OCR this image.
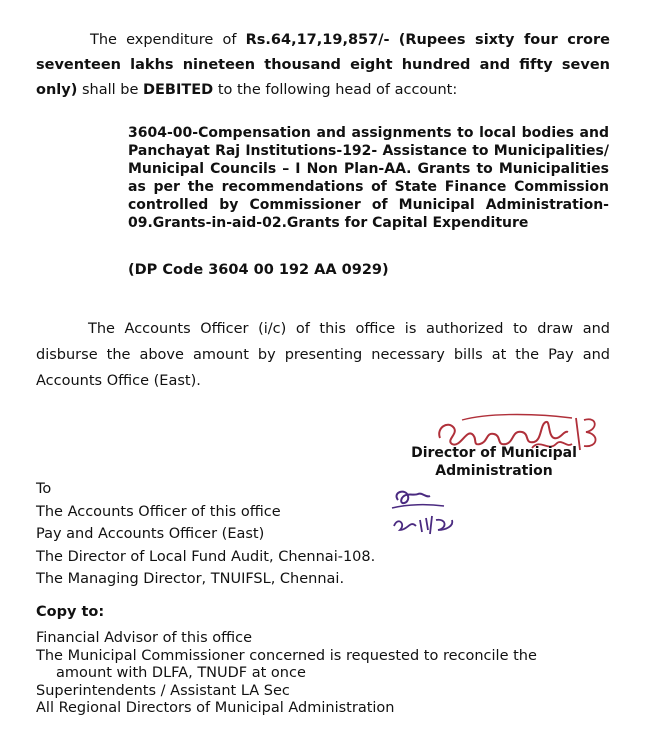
The expenditure of Rs.64,17,19,857/- (Rupees sixty four crore seventeen lakhs nineteen thousand eight hundred and fifty seven only) shall be DEBITED to the following head of account:
3604-00-Compensation and assignments to local bodies and Panchayat Raj Institutions-192- Assistance to Municipalities/ Municipal Councils – I Non Plan-AA. Grants to Municipalities as per the recommendations of State Finance Commission controlled by Commissioner of Municipal Administration- 09.Grants-in-aid-02.Grants for Capital Expenditure
(DP Code 3604 00 192 AA 0929)
The Accounts Officer (i/c) of this office is authorized to draw and disburse the above amount by presenting necessary bills at the Pay and Accounts Office (East).
Director of Municipal
Administration
To
The Accounts Officer of this office
Pay and Accounts Officer (East)
The Director of Local Fund Audit, Chennai-108.
The Managing Director, TNUIFSL, Chennai.
Copy to:
Financial Advisor of this office
The Municipal Commissioner concerned is requested to reconcile the
amount with DLFA, TNUDF at once
Superintendents / Assistant LA Sec
All Regional Directors of Municipal Administration
